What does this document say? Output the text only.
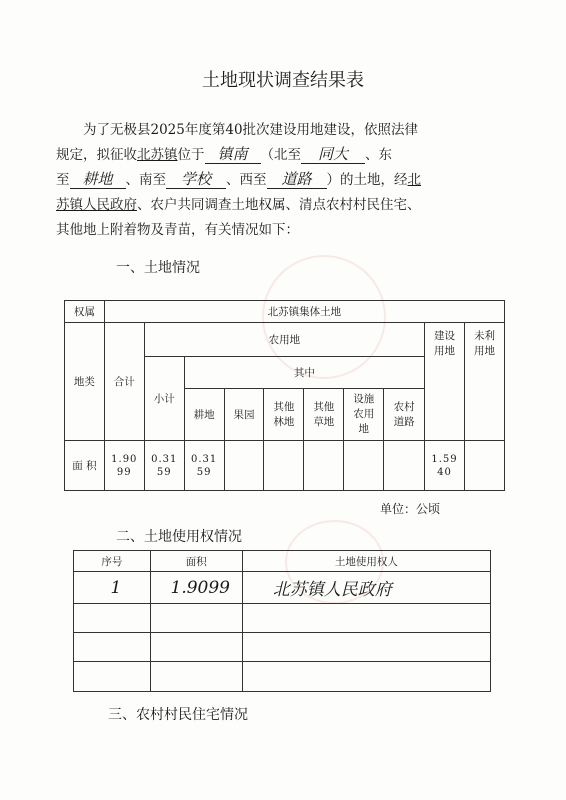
土地现状调查结果表

为了无极县2025年度第40批次建设用地建设，依照法律

规定，拟征收北苏镇位于 镇南 （北至 同大 、东

至 耕地 、南至 学校 、西至 道路 ）的土地，经北

苏镇人民政府、农户共同调查土地权属、清点农村村民住宅、

其他地上附着物及青苗，有关情况如下：

一、土地情况
权属	北苏镇集体土地									
地类	合计	农用地							建设用地	未利用地

		小计	其中							
			耕地	果园	其他林地	其他草地	设施农用地	农村道路		
面 积	1.9099	0.3159	0.3159						1.5940	
单位：公顷
二、土地使用权情况
序号	面积	土地使用权人
1	1.9099	北苏镇人民政府

三、农村村民住宅情况
